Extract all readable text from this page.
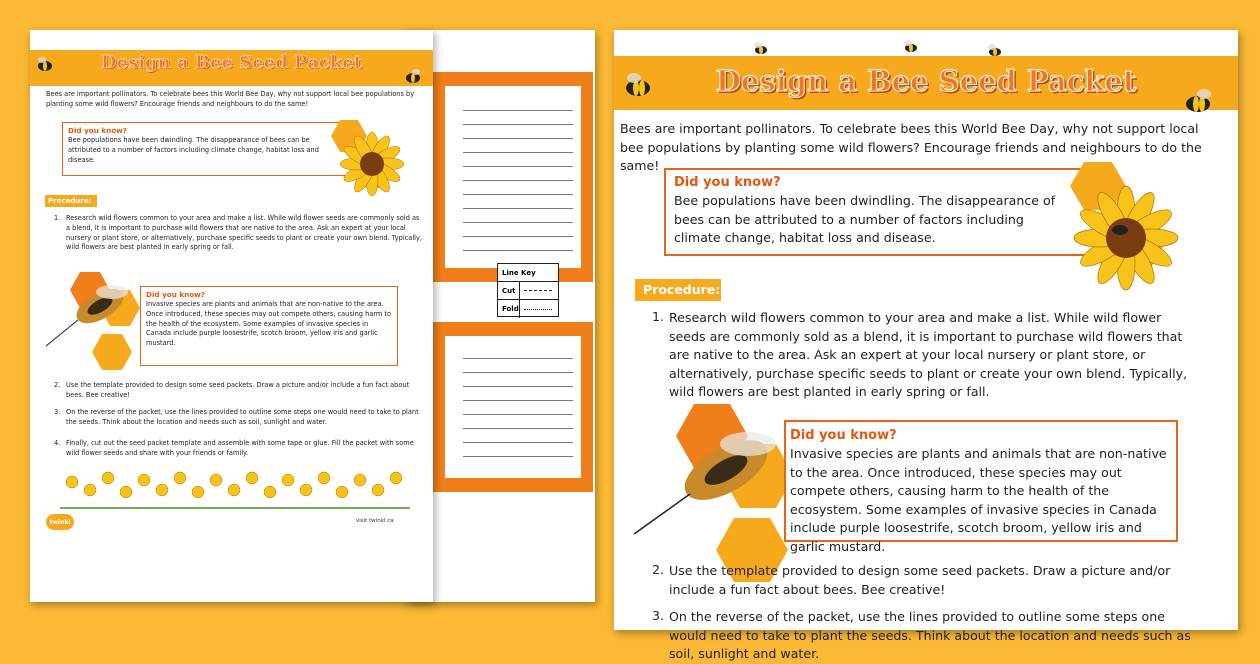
Line Key
Cut
Fold
Design a Bee Seed Packet
Bees are important pollinators. To celebrate bees this World Bee Day, why not support local bee populations by planting some wild flowers? Encourage friends and neighbours to do the same!
Did you know?
Bee populations have been dwindling. The disappearance of bees can be attributed to a number of factors including climate change, habitat loss and disease.
Procedure:
1. Research wild flowers common to your area and make a list. While wild flower seeds are commonly sold as a blend, it is important to purchase wild flowers that are native to the area. Ask an expert at your local nursery or plant store, or alternatively, purchase specific seeds to plant or create your own blend. Typically, wild flowers are best planted in early spring or fall.
Did you know?
Invasive species are plants and animals that are non-native to the area. Once introduced, these species may out compete others, causing harm to the health of the ecosystem. Some examples of invasive species in Canada include purple loosestrife, scotch broom, yellow iris and garlic mustard.
2. Use the template provided to design some seed packets. Draw a picture and/or include a fun fact about bees. Bee creative!
3. On the reverse of the packet, use the lines provided to outline some steps one would need to take to plant the seeds. Think about the location and needs such as soil, sunlight and water.
4. Finally, cut out the seed packet template and assemble with some tape or glue. Fill the packet with some wild flower seeds and share with your friends or family.
twinkl	visit twinkl.ca
Design a Bee Seed Packet
Bees are important pollinators. To celebrate bees this World Bee Day, why not support local bee populations by planting some wild flowers? Encourage friends and neighbours to do the same!
Did you know?
Bee populations have been dwindling. The disappearance of bees can be attributed to a number of factors including climate change, habitat loss and disease.
Procedure:
1. Research wild flowers common to your area and make a list. While wild flower seeds are commonly sold as a blend, it is important to purchase wild flowers that are native to the area. Ask an expert at your local nursery or plant store, or alternatively, purchase specific seeds to plant or create your own blend. Typically, wild flowers are best planted in early spring or fall.
Did you know?
Invasive species are plants and animals that are non-native to the area. Once introduced, these species may out compete others, causing harm to the health of the ecosystem. Some examples of invasive species in Canada include purple loosestrife, scotch broom, yellow iris and garlic mustard.
2. Use the template provided to design some seed packets. Draw a picture and/or include a fun fact about bees. Bee creative!
3. On the reverse of the packet, use the lines provided to outline some steps one would need to take to plant the seeds. Think about the location and needs such as soil, sunlight and water.
